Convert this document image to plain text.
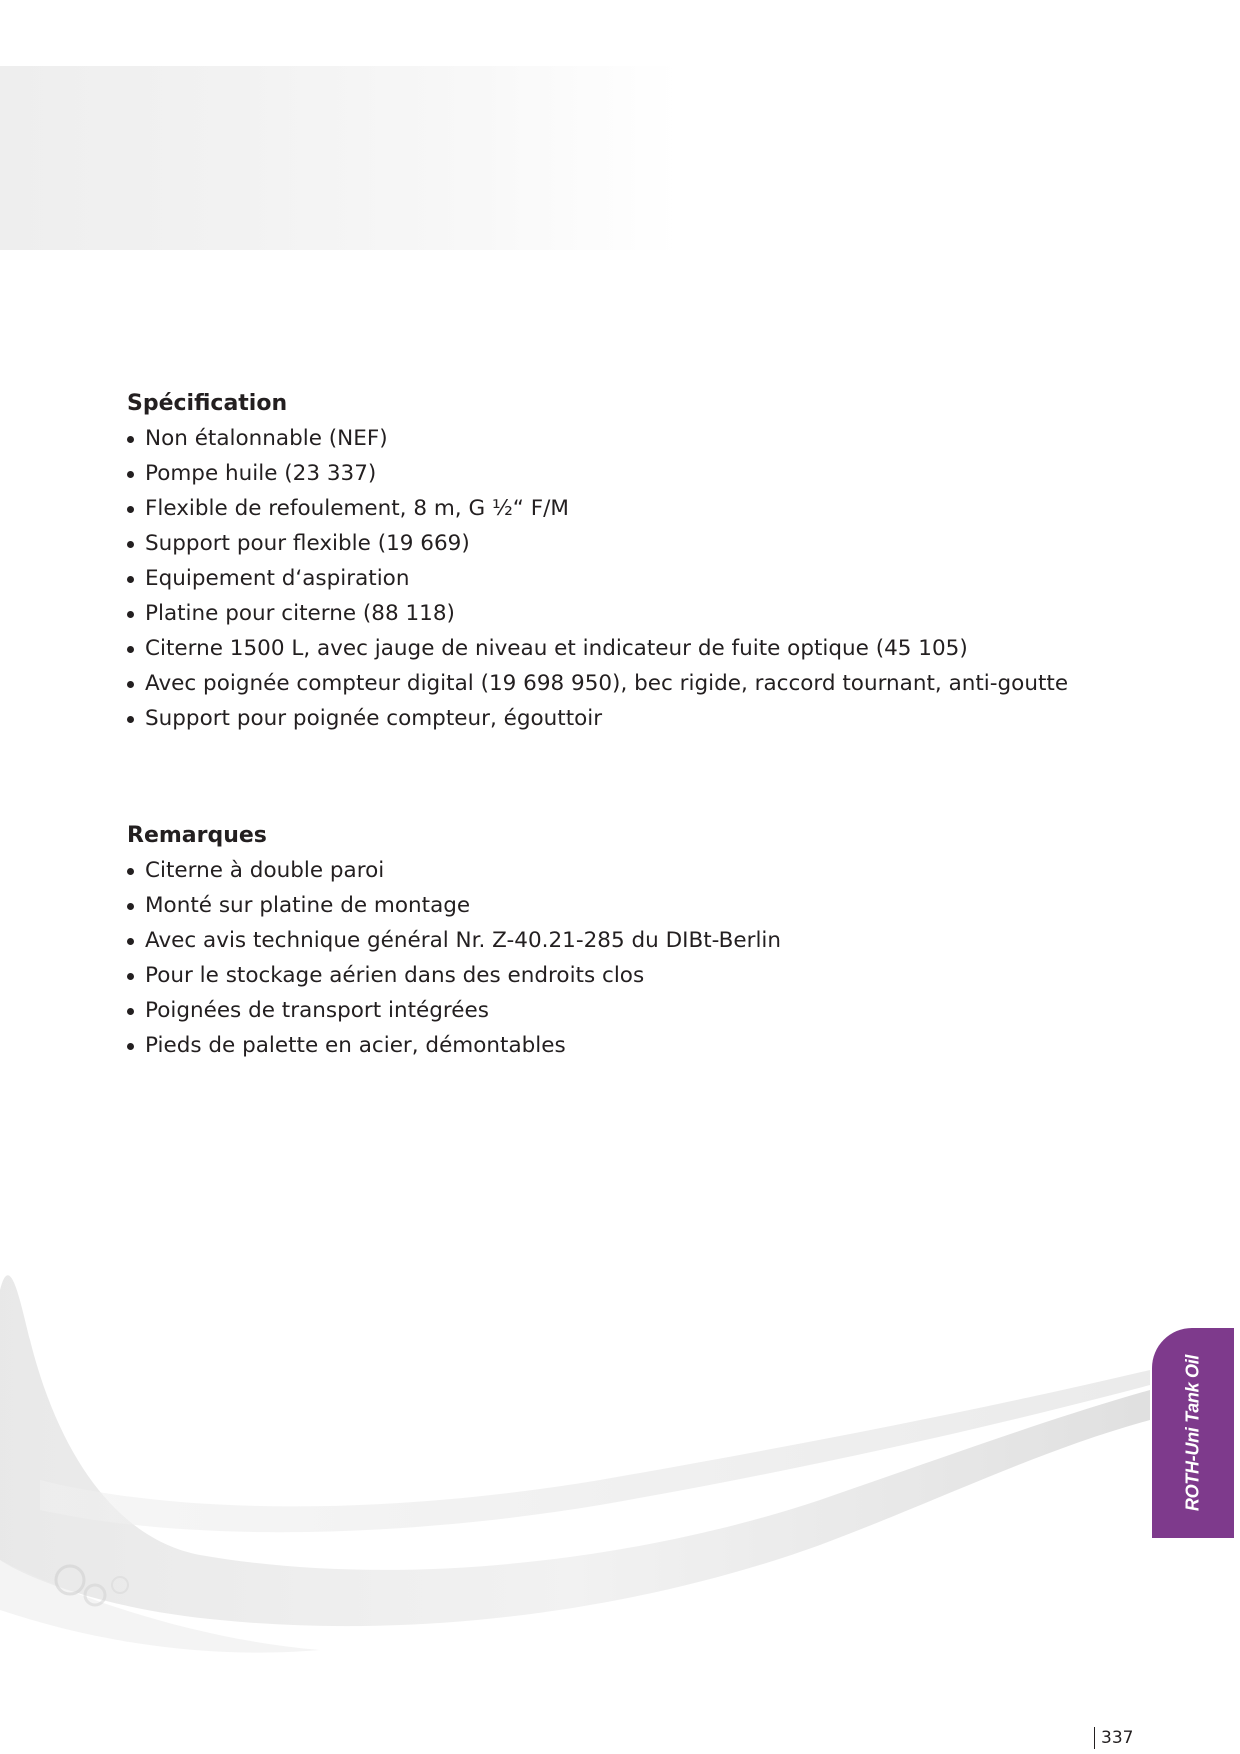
Spécification
Non étalonnable (NEF)
Pompe huile (23 337)
Flexible de refoulement, 8 m, G ½“ F/M
Support pour flexible (19 669)
Equipement d‘aspiration
Platine pour citerne (88 118)
Citerne 1500 L, avec jauge de niveau et indicateur de fuite optique (45 105)
Avec poignée compteur digital (19 698 950), bec rigide, raccord tournant, anti-goutte
Support pour poignée compteur, égouttoir
Remarques
Citerne à double paroi
Monté sur platine de montage
Avec avis technique général Nr. Z-40.21-285 du DIBt-Berlin
Pour le stockage aérien dans des endroits clos
Poignées de transport intégrées
Pieds de palette en acier, démontables
ROTH-Uni Tank Oil
337
